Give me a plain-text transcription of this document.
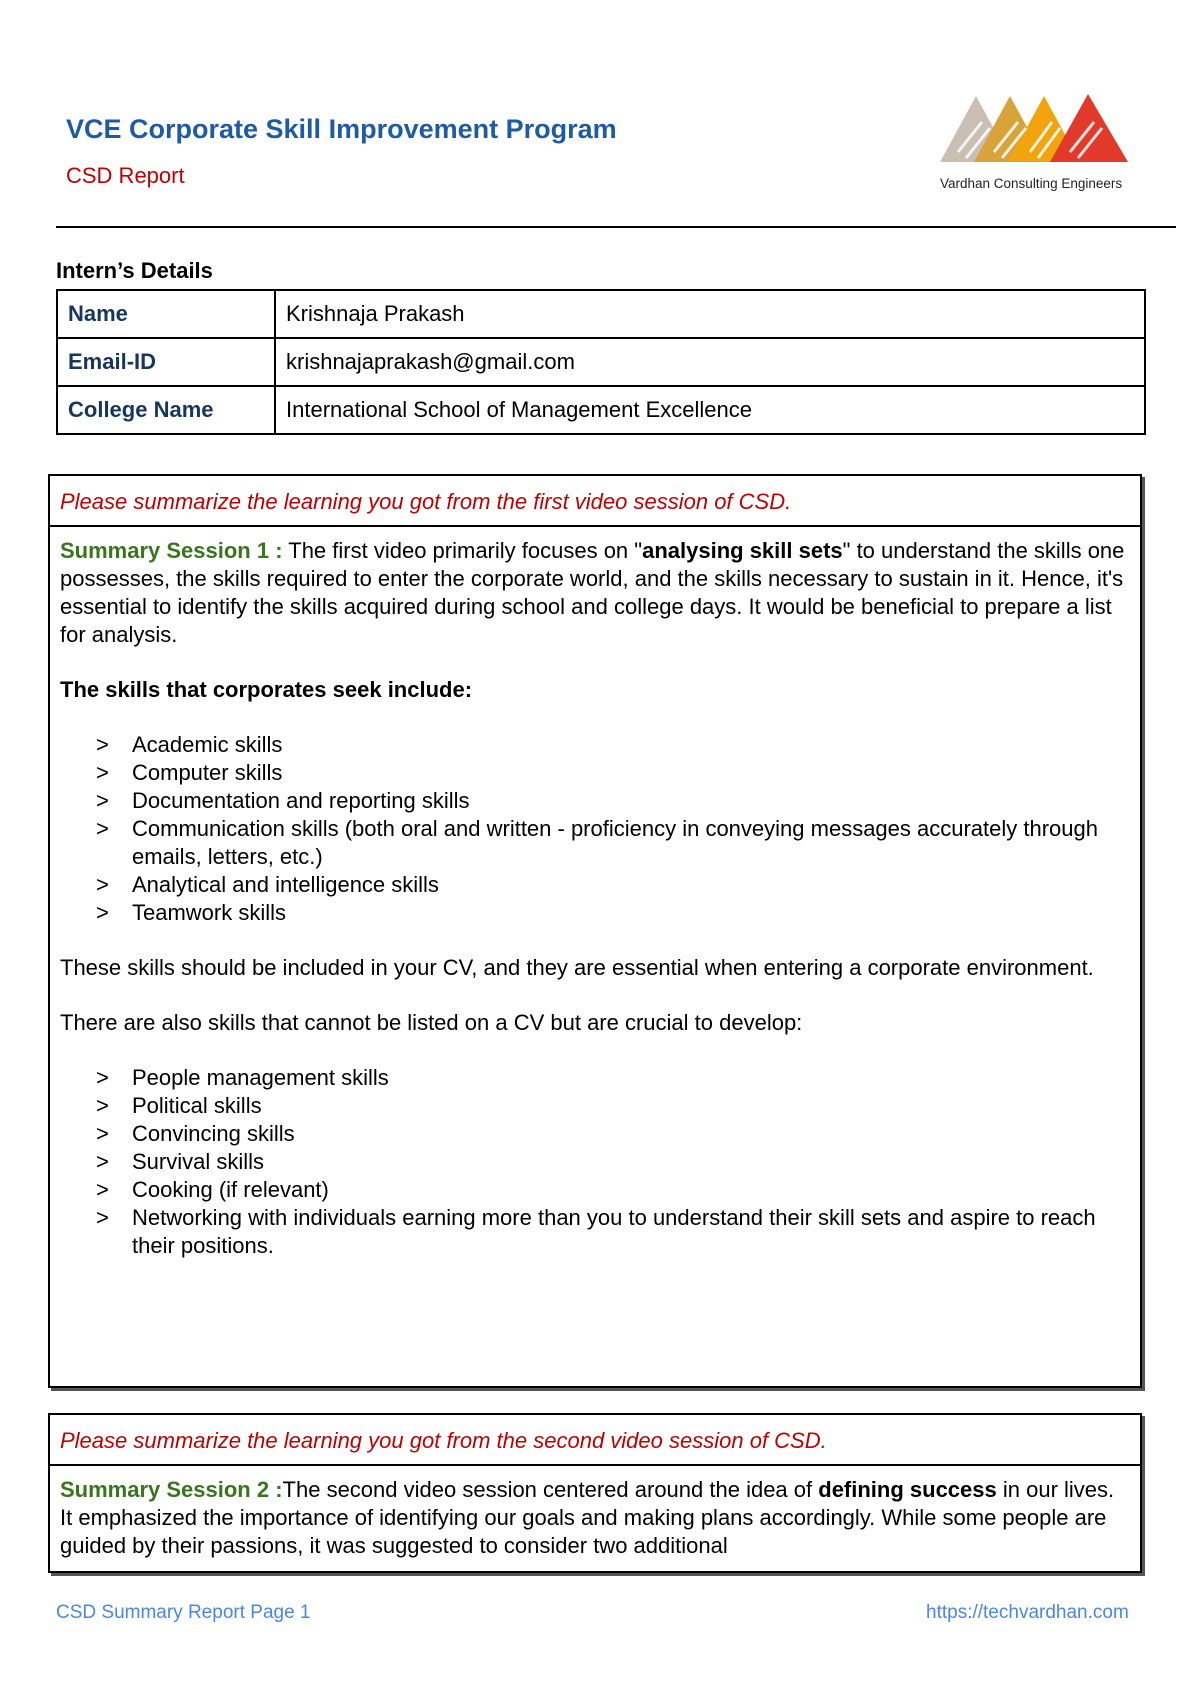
VCE Corporate Skill Improvement Program
CSD Report	Vardhan Consulting Engineers
Intern’s Details
Name	Krishnaja Prakash
Email-ID	krishnajaprakash@gmail.com
College Name	International School of Management Excellence
Please summarize the learning you got from the first video session of CSD.

Summary Session 1 : The first video primarily focuses on "analysing skill sets" to understand the skills one possesses, the skills required to enter the corporate world, and the skills necessary to sustain in it. Hence, it's essential to identify the skills acquired during school and college days. It would be beneficial to prepare a list for analysis.

The skills that corporates seek include:

> Academic skills
> Computer skills
> Documentation and reporting skills
> Communication skills (both oral and written - proficiency in conveying messages accurately through emails, letters, etc.)
> Analytical and intelligence skills
> Teamwork skills

These skills should be included in your CV, and they are essential when entering a corporate environment.

There are also skills that cannot be listed on a CV but are crucial to develop:

> People management skills
> Political skills
> Convincing skills
> Survival skills
> Cooking (if relevant)
> Networking with individuals earning more than you to understand their skill sets and aspire to reach their positions.
Please summarize the learning you got from the second video session of CSD.

Summary Session 2 :The second video session centered around the idea of defining success in our lives. It emphasized the importance of identifying our goals and making plans accordingly. While some people are guided by their passions, it was suggested to consider two additional

CSD Summary Report Page 1	https://techvardhan.com
